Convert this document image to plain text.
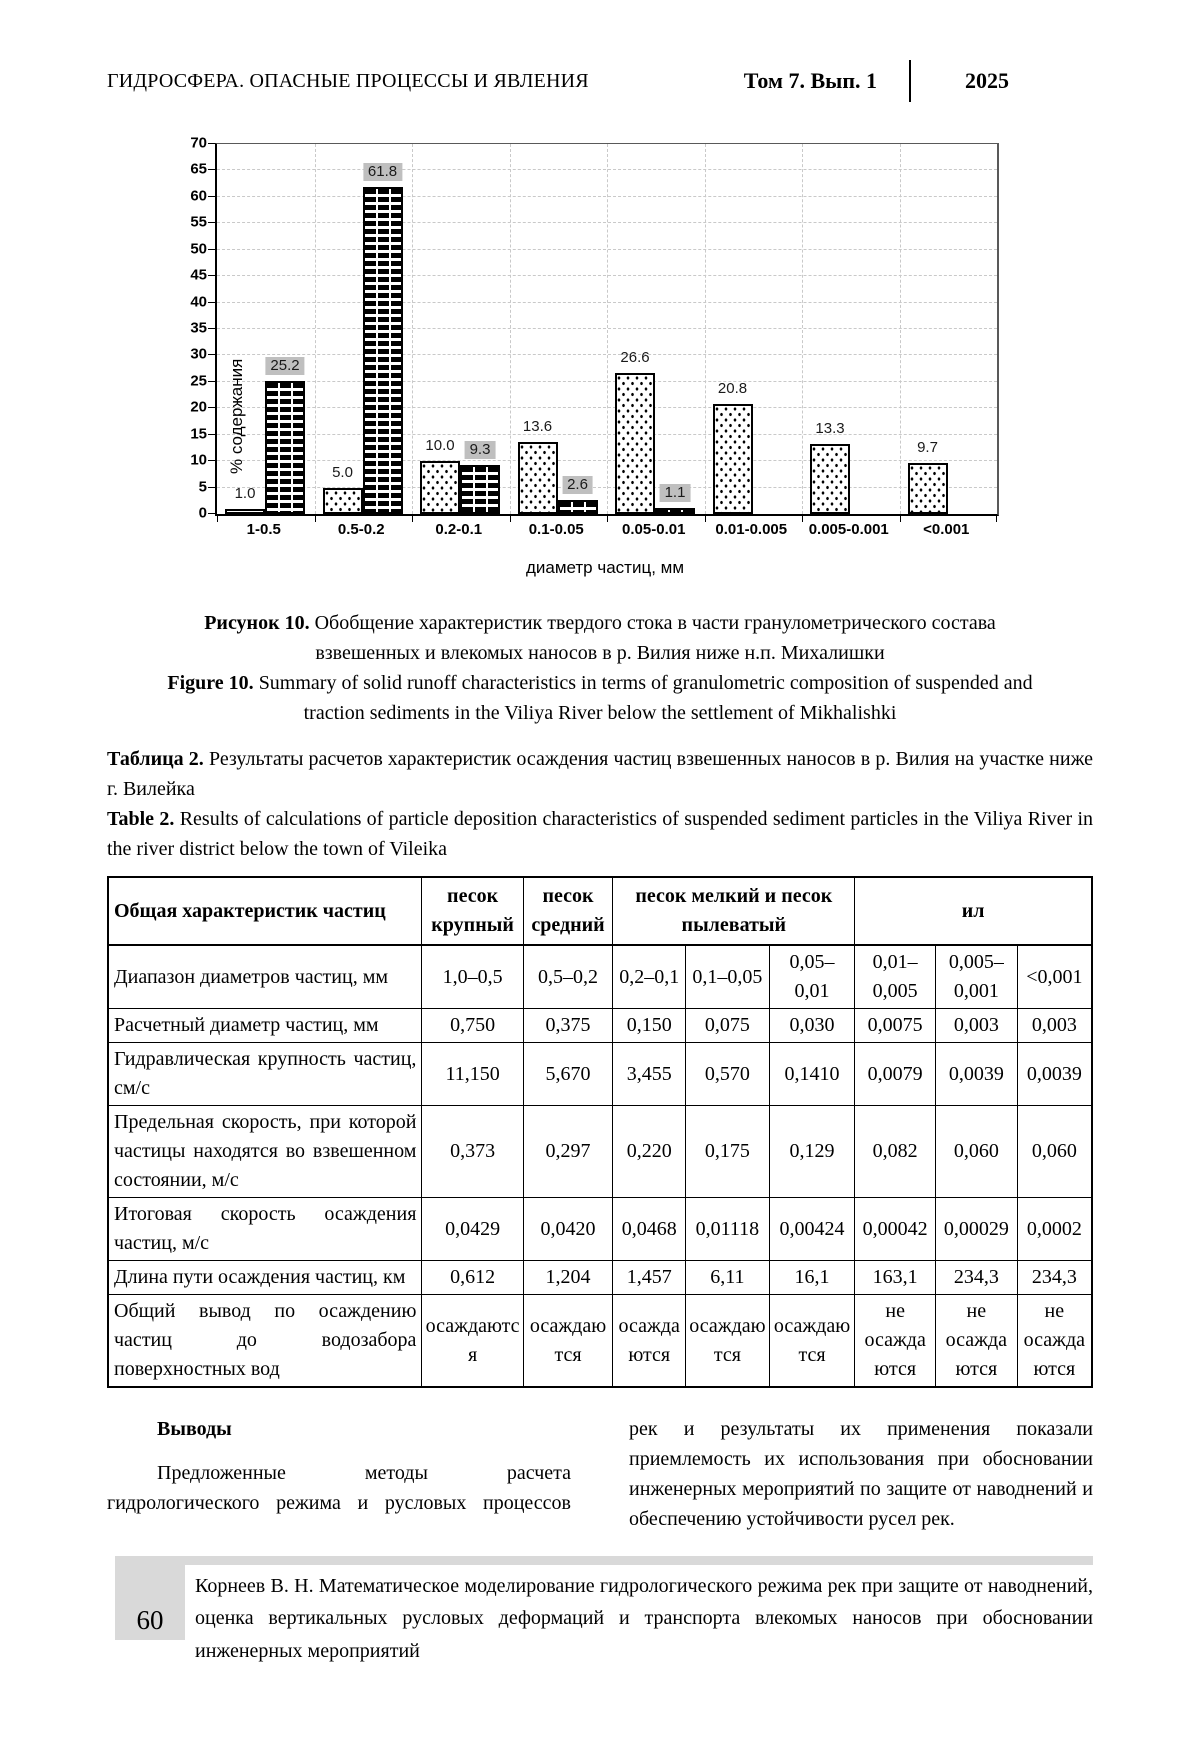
ГИДРОСФЕРА. ОПАСНЫЕ ПРОЦЕССЫ И ЯВЛЕНИЯ	Том 7. Вып. 1	2025
0
5
10
15
20
25
30
35
40
45
50
55
60
65
70
% содержания
1.0
25.2
5.0
61.8
10.0 9.3
13.6
2.6
26.6
1.1
20.8
13.3
9.7
1-0.5	0.5-0.2	0.2-0.1	0.1-0.05	0.05-0.01	0.01-0.005	0.005-0.001	<0.001
диаметр частиц, мм

Рисунок 10. Обобщение характеристик твердого стока в части гранулометрического состава взвешенных и влекомых наносов в р. Вилия ниже н.п. Михалишки

Figure 10. Summary of solid runoff characteristics in terms of granulometric composition of suspended and traction sediments in the Viliya River below the settlement of Mikhalishki

Таблица 2. Результаты расчетов характеристик осаждения частиц взвешенных наносов в р. Вилия на участке ниже г. Вилейка

Table 2. Results of calculations of particle deposition characteristics of suspended sediment particles in the Viliya River in the river district below the town of Vileika

Общая характеристик частиц	песок крупный	песок средний	песок мелкий и песок пылеватый			ил		
Диапазон диаметров частиц, мм	1,0–0,5	0,5–0,2	0,2–0,1	0,1–0,05	0,05–0,01	0,01–0,005	0,005–0,001	<0,001
Расчетный диаметр частиц, мм	0,750	0,375	0,150	0,075	0,030	0,0075	0,003	0,003
Гидравлическая крупность частиц, см/с	11,150	5,670	3,455	0,570	0,1410	0,0079	0,0039	0,0039
Предельная скорость, при которой частицы находятся во взвешенном состоянии, м/с	0,373	0,297	0,220	0,175	0,129	0,082	0,060	0,060
Итоговая скорость осаждения частиц, м/с	0,0429	0,0420	0,0468	0,01118	0,00424	0,00042	0,00029	0,0002
Длина пути осаждения частиц, км	0,612	1,204	1,457	6,11	16,1	163,1	234,3	234,3
Общий вывод по осаждению частиц до водозабора поверхностных вод	осаждаются	осаждаются	осаждаются	осаждаются	осаждаются	не осаждаются	не осаждаются	не осаждаются
Выводы

Предложенные методы расчета гидрологического режима и русловых процессов

рек и результаты их применения показали приемлемость их использования при обосновании инженерных мероприятий по защите от наводнений и обеспечению устойчивости русел рек.

60
Корнеев В. Н. Математическое моделирование гидрологического режима рек при защите от наводнений, оценка вертикальных русловых деформаций и транспорта влекомых наносов при обосновании инженерных мероприятий
